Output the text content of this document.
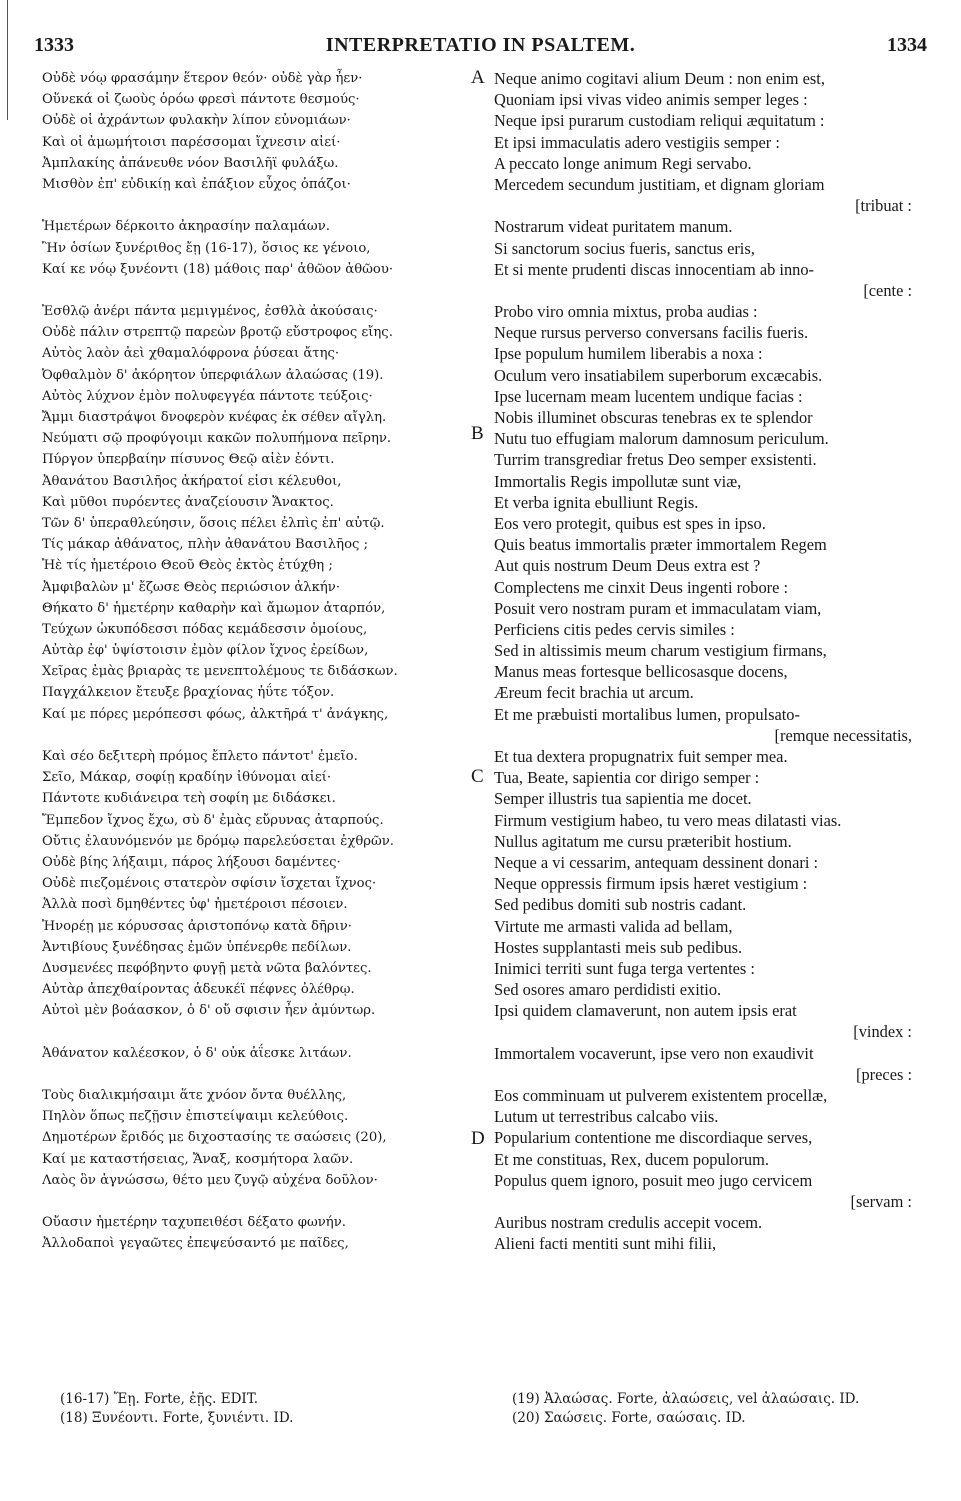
1333	INTERPRETATIO IN PSALTEM.	1334
A
B
C
D
Οὐδὲ νόῳ φρασάμην ἕτερον θεόν· οὐδὲ γὰρ ἦεν·
Οὕνεκά οἱ ζωοὺς ὁρόω φρεσὶ πάντοτε θεσμούς·
Οὐδὲ οἱ ἀχράντων φυλακὴν λίπον εὐνομιάων·
Καὶ οἱ ἀμωμήτοισι παρέσσομαι ἴχνεσιν αἰεί·
Ἀμπλακίης ἀπάνευθε νόον Βασιλῆϊ φυλάξω.
Μισθὸν ἐπ' εὐδικίῃ καὶ ἐπάξιον εὖχος ὀπάζοι·
Ἡμετέρων δέρκοιτο ἀκηρασίην παλαμάων.
Ἢν ὁσίων ξυνέριθος ἔῃ (16-17), ὅσιος κε γένοιο,
Καί κε νόῳ ξυνέοντι (18) μάθοις παρ' ἀθῶον ἀθῶου·
Ἐσθλῷ ἀνέρι πάντα μεμιγμένος, ἐσθλὰ ἀκούσαις·
Οὐδὲ πάλιν στρεπτῷ παρεὼν βροτῷ εὔστροφος εἴης.
Αὐτὸς λαὸν ἀεὶ χθαμαλόφρονα ῥύσεαι ἄτης·
Ὀφθαλμὸν δ' ἀκόρητον ὑπερφιάλων ἀλαώσας (19).
Αὐτὸς λύχνον ἐμὸν πολυφεγγέα πάντοτε τεύξοις·
Ἄμμι διαστράψοι δνοφερὸν κνέφας ἐκ σέθεν αἴγλη.
Νεύματι σῷ προφύγοιμι κακῶν πολυπήμονα πεῖρην.
Πύργον ὑπερβαίην πίσυνος Θεῷ αἰὲν ἐόντι.
Ἀθανάτου Βασιλῆος ἀκήρατοί εἰσι κέλευθοι,
Καὶ μῦθοι πυρόεντες ἀναζείουσιν Ἄνακτος.
Τῶν δ' ὑπεραθλεύησιν, ὅσοις πέλει ἐλπὶς ἐπ' αὐτῷ.
Τίς μάκαρ ἀθάνατος, πλὴν ἀθανάτου Βασιλῆος ;
Ἠὲ τίς ἡμετέροιο Θεοῦ Θεὸς ἐκτὸς ἐτύχθη ;
Ἀμφιβαλὼν μ' ἔζωσε Θεὸς περιώσιον ἀλκήν·
Θήκατο δ' ἡμετέρην καθαρὴν καὶ ἄμωμον ἀταρπόν,
Τεύχων ὠκυπόδεσσι πόδας κεμάδεσσιν ὁμοίους,
Αὐτὰρ ἐφ' ὑψίστοισιν ἐμὸν φίλον ἴχνος ἐρείδων,
Χεῖρας ἐμὰς βριαρὰς τε μενεπτολέμους τε διδάσκων.
Παγχάλκειον ἔτευξε βραχίονας ἠΰτε τόξον.
Καί με πόρες μερόπεσσι φόως, ἀλκτῆρά τ' ἀνάγκης,
Καὶ σέο δεξιτερὴ πρόμος ἔπλετο πάντοτ' ἐμεῖο.
Σεῖο, Μάκαρ, σοφίῃ κραδίην ἰθύνομαι αἰεί·
Πάντοτε κυδιάνειρα τεὴ σοφίη με διδάσκει.
Ἔμπεδον ἴχνος ἔχω, σὺ δ' ἐμὰς εὔρυνας ἀταρπούς.
Οὔτις ἐλαυνόμενόν με δρόμῳ παρελεύσεται ἐχθρῶν.
Οὐδὲ βίης λήξαιμι, πάρος λήξουσι δαμέντες·
Οὐδὲ πιεζομένοις στατερὸν σφίσιν ἴσχεται ἴχνος·
Ἀλλὰ ποσὶ δμηθέντες ὑφ' ἡμετέροισι πέσοιεν.
Ἠνορέῃ με κόρυσσας ἀριστοπόνῳ κατὰ δῆριν·
Ἀντιβίους ξυνέδησας ἐμῶν ὑπένερθε πεδίλων.
Δυσμενέες πεφόβηντο φυγῇ μετὰ νῶτα βαλόντες.
Αὐτὰρ ἀπεχθαίροντας ἀδευκέϊ πέφνες ὀλέθρῳ.
Αὐτοὶ μὲν βοάασκον, ὁ δ' οὔ σφισιν ἦεν ἀμύντωρ.
Ἀθάνατον καλέεσκον, ὁ δ' οὐκ ἀΐεσκε λιτάων.
Τοὺς διαλικμήσαιμι ἅτε χνόον ὄντα θυέλλης,
Πηλὸν ὅπως πεζῇσιν ἐπιστείψαιμι κελεύθοις.
Δημοτέρων ἔριδός με διχοστασίης τε σαώσεις (20),
Καί με καταστήσειας, Ἄναξ, κοσμήτορα λαῶν.
Λαὸς ὃν ἀγνώσσω, θέτο μευ ζυγῷ αὐχένα δοῦλον·
Οὔασιν ἡμετέρην ταχυπειθέσι δέξατο φωνήν.
Ἀλλοδαποὶ γεγαῶτες ἐπεψεύσαντό με παῖδες,
Neque animo cogitavi alium Deum : non enim est,
Quoniam ipsi vivas video animis semper leges :
Neque ipsi purarum custodiam reliqui æquitatum :
Et ipsi immaculatis adero vestigiis semper :
A peccato longe animum Regi servabo.
Mercedem secundum justitiam, et dignam gloriam
[tribuat :
Nostrarum videat puritatem manum.
Si sanctorum socius fueris, sanctus eris,
Et si mente prudenti discas innocentiam ab inno-
[cente :
Probo viro omnia mixtus, proba audias :
Neque rursus perverso conversans facilis fueris.
Ipse populum humilem liberabis a noxa :
Oculum vero insatiabilem superborum excæcabis.
Ipse lucernam meam lucentem undique facias :
Nobis illuminet obscuras tenebras ex te splendor
Nutu tuo effugiam malorum damnosum periculum.
Turrim transgrediar fretus Deo semper exsistenti.
Immortalis Regis impollutæ sunt viæ,
Et verba ignita ebulliunt Regis.
Eos vero protegit, quibus est spes in ipso.
Quis beatus immortalis præter immortalem Regem
Aut quis nostrum Deum Deus extra est ?
Complectens me cinxit Deus ingenti robore :
Posuit vero nostram puram et immaculatam viam,
Perficiens citis pedes cervis similes :
Sed in altissimis meum charum vestigium firmans,
Manus meas fortesque bellicosasque docens,
Æreum fecit brachia ut arcum.
Et me præbuisti mortalibus lumen, propulsato-
[remque necessitatis,
Et tua dextera propugnatrix fuit semper mea.
Tua, Beate, sapientia cor dirigo semper :
Semper illustris tua sapientia me docet.
Firmum vestigium habeo, tu vero meas dilatasti vias.
Nullus agitatum me cursu præteribit hostium.
Neque a vi cessarim, antequam dessinent donari :
Neque oppressis firmum ipsis hæret vestigium :
Sed pedibus domiti sub nostris cadant.
Virtute me armasti valida ad bellam,
Hostes supplantasti meis sub pedibus.
Inimici territi sunt fuga terga vertentes :
Sed osores amaro perdidisti exitio.
Ipsi quidem clamaverunt, non autem ipsis erat
[vindex :
Immortalem vocaverunt, ipse vero non exaudivit
[preces :
Eos comminuam ut pulverem existentem procellæ,
Lutum ut terrestribus calcabo viis.
Popularium contentione me discordiaque serves,
Et me constituas, Rex, ducem populorum.
Populus quem ignoro, posuit meo jugo cervicem
[servam :
Auribus nostram credulis accepit vocem.
Alieni facti mentiti sunt mihi filii,
(16-17) Ἔῃ. Forte, ἐῇς. EDIT.
(18) Ξυνέοντι. Forte, ξυνιέντι. ID.
(19) Ἀλαώσας. Forte, ἀλαώσεις, vel ἀλαώσαις. ID.
(20) Σαώσεις. Forte, σαώσαις. ID.
